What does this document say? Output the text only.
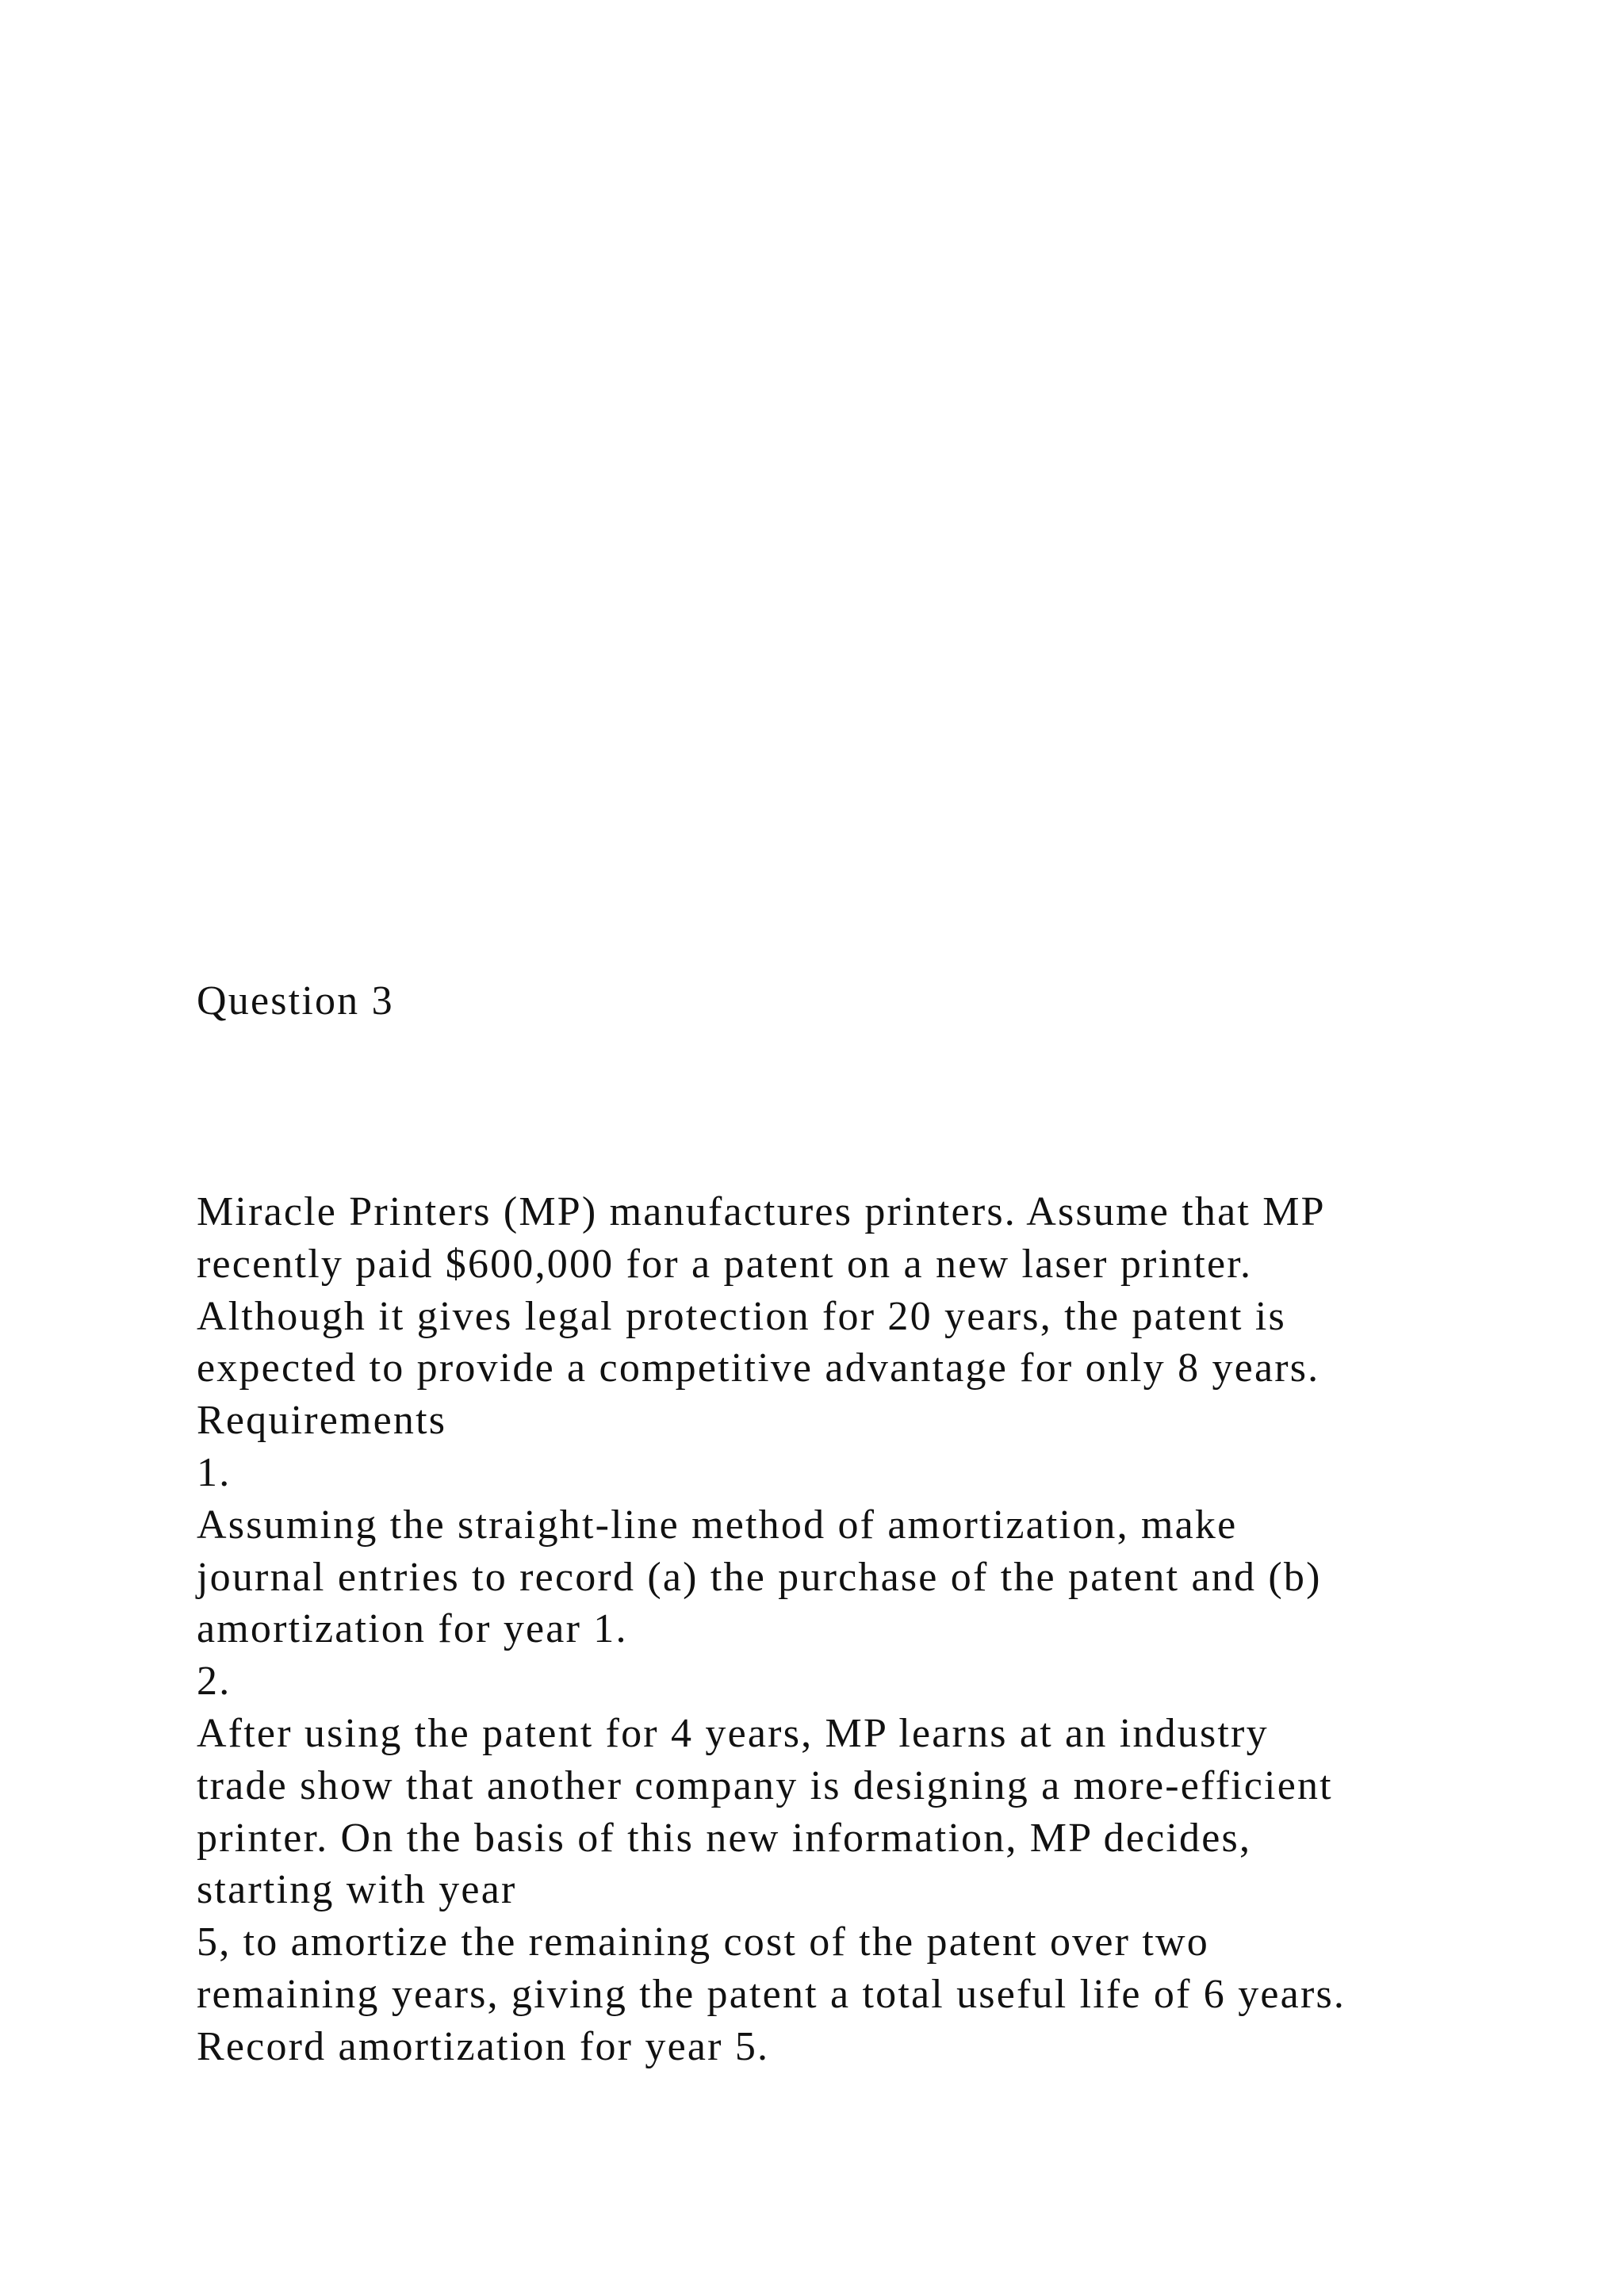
Question 3
Miracle Printers (MP) manufactures printers. Assume that MP
recently paid $600,000 for a patent on a new laser printer.
Although it gives legal protection for 20 years, the patent is
expected to provide a competitive advantage for only 8 years.
Requirements
1.
Assuming the straight-line method of amortization, make
journal entries to record (a) the purchase of the patent and (b)
amortization for year 1.
2.
After using the patent for 4 years, MP learns at an industry
trade show that another company is designing a more-efficient
printer. On the basis of this new information, MP decides,
starting with year
5, to amortize the remaining cost of the patent over two
remaining years, giving the patent a total useful life of 6 years.
Record amortization for year 5.
